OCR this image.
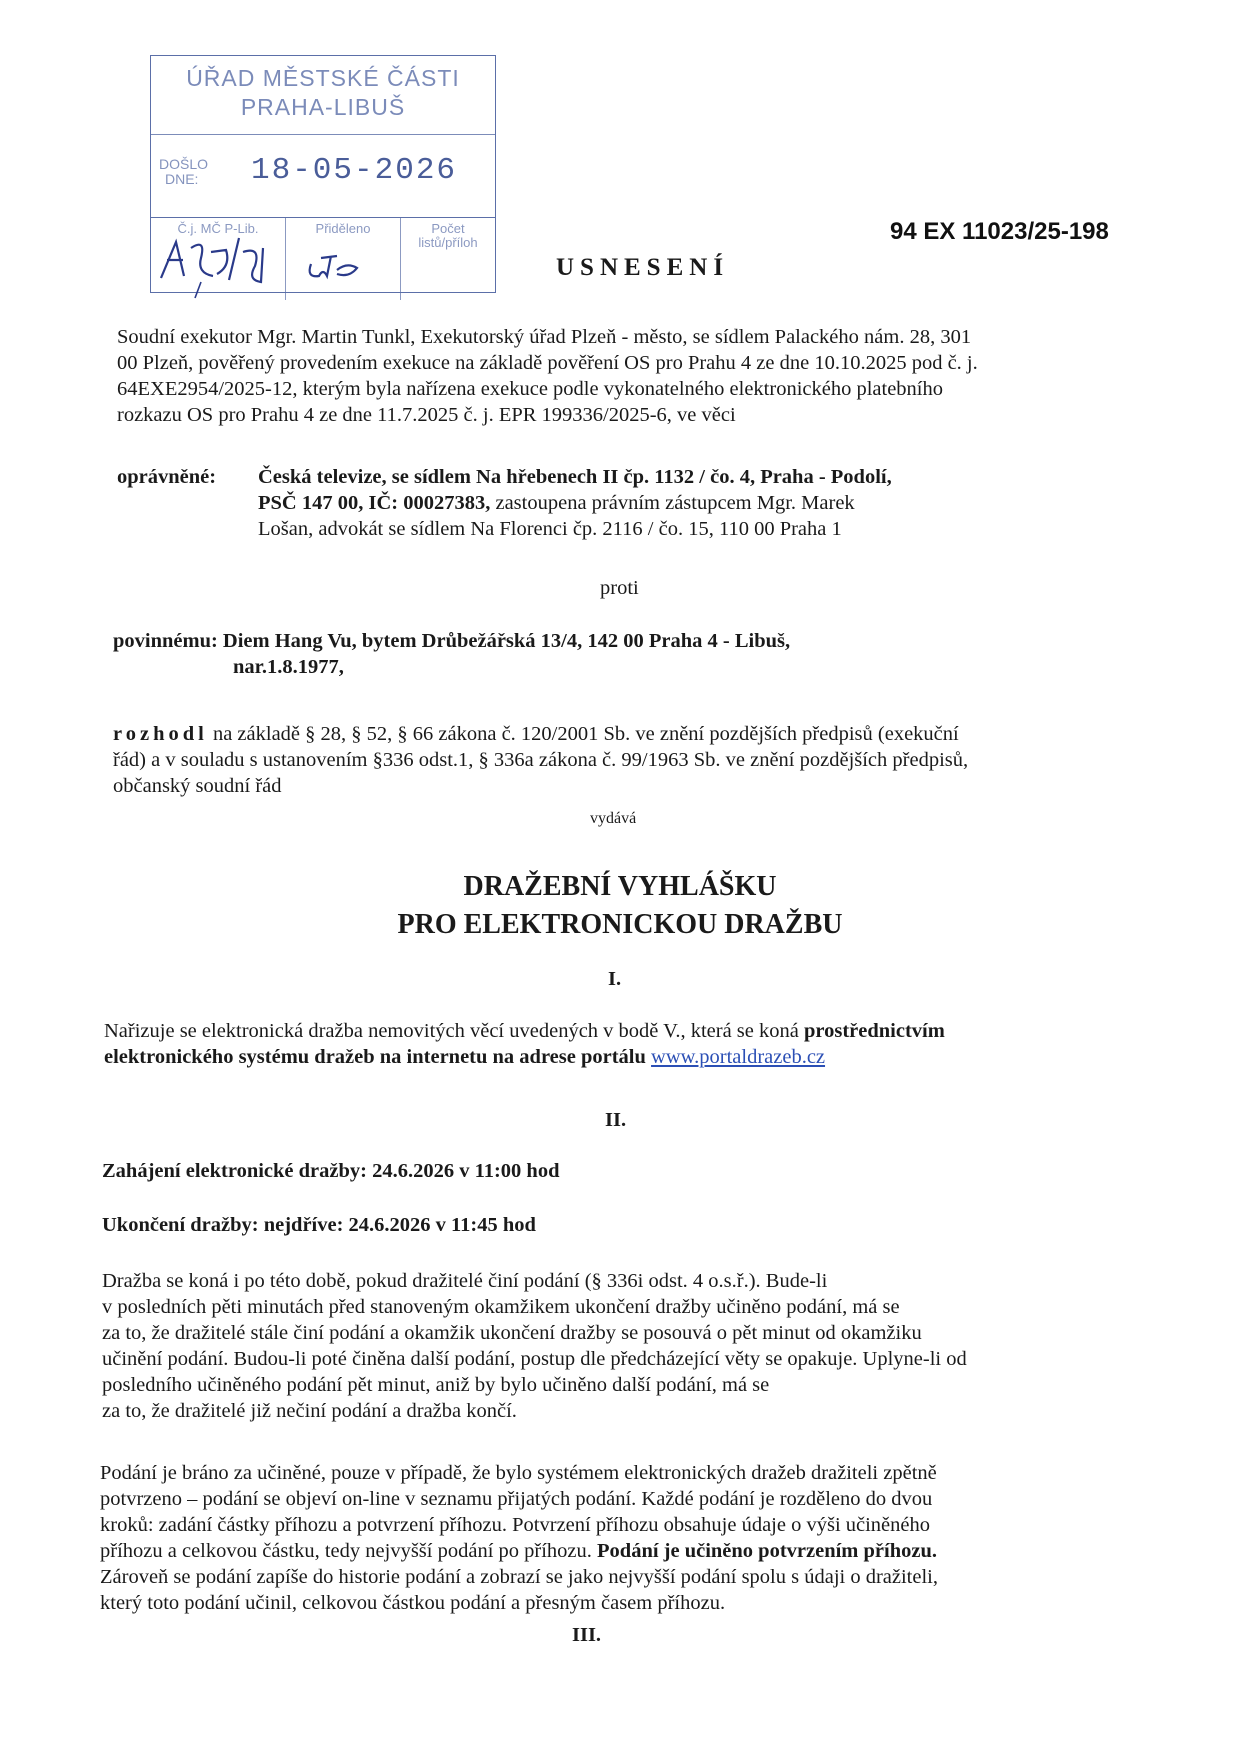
ÚŘAD MĚSTSKÉ ČÁSTI
PRAHA-LIBUŠ
DOŠLO
DNE:	18-05-2026
Č.j. MČ P-Lib.	Přiděleno	Počet
listů/příloh	94 EX 11023/25-198
USNESENÍ
Soudní exekutor Mgr. Martin Tunkl, Exekutorský úřad Plzeň - město, se sídlem Palackého nám. 28, 301
00 Plzeň, pověřený provedením exekuce na základě pověření OS pro Prahu 4 ze dne 10.10.2025 pod č. j.
64EXE2954/2025-12, kterým byla nařízena exekuce podle vykonatelného elektronického platebního
rozkazu OS pro Prahu 4 ze dne 11.7.2025 č. j. EPR 199336/2025-6, ve věci
oprávněné: Česká televize, se sídlem Na hřebenech II čp. 1132 / čo. 4, Praha - Podolí,
PSČ 147 00, IČ: 00027383, zastoupena právním zástupcem Mgr. Marek
Lošan, advokát se sídlem Na Florenci čp. 2116 / čo. 15, 110 00 Praha 1
proti
povinnému: Diem Hang Vu, bytem Drůbežářská 13/4, 142 00 Praha 4 - Libuš,
nar.1.8.1977,
rozhodl na základě § 28, § 52, § 66 zákona č. 120/2001 Sb. ve znění pozdějších předpisů (exekuční
řád) a v souladu s ustanovením §336 odst.1, § 336a zákona č. 99/1963 Sb. ve znění pozdějších předpisů,
občanský soudní řád
vydává
DRAŽEBNÍ VYHLÁŠKU
PRO ELEKTRONICKOU DRAŽBU
I.
Nařizuje se elektronická dražba nemovitých věcí uvedených v bodě V., která se koná prostřednictvím
elektronického systému dražeb na internetu na adrese portálu www.portaldrazeb.cz
II.
Zahájení elektronické dražby: 24.6.2026 v 11:00 hod
Ukončení dražby: nejdříve: 24.6.2026 v 11:45 hod
Dražba se koná i po této době, pokud dražitelé činí podání (§ 336i odst. 4 o.s.ř.). Bude-li
v posledních pěti minutách před stanoveným okamžikem ukončení dražby učiněno podání, má se
za to, že dražitelé stále činí podání a okamžik ukončení dražby se posouvá o pět minut od okamžiku
učinění podání. Budou-li poté činěna další podání, postup dle předcházející věty se opakuje. Uplyne-li od
posledního učiněného podání pět minut, aniž by bylo učiněno další podání, má se
za to, že dražitelé již nečiní podání a dražba končí.
Podání je bráno za učiněné, pouze v případě, že bylo systémem elektronických dražeb dražiteli zpětně
potvrzeno – podání se objeví on-line v seznamu přijatých podání. Každé podání je rozděleno do dvou
kroků: zadání částky příhozu a potvrzení příhozu. Potvrzení příhozu obsahuje údaje o výši učiněného
příhozu a celkovou částku, tedy nejvyšší podání po příhozu. Podání je učiněno potvrzením příhozu.
Zároveň se podání zapíše do historie podání a zobrazí se jako nejvyšší podání spolu s údaji o dražiteli,
který toto podání učinil, celkovou částkou podání a přesným časem příhozu.
III.
